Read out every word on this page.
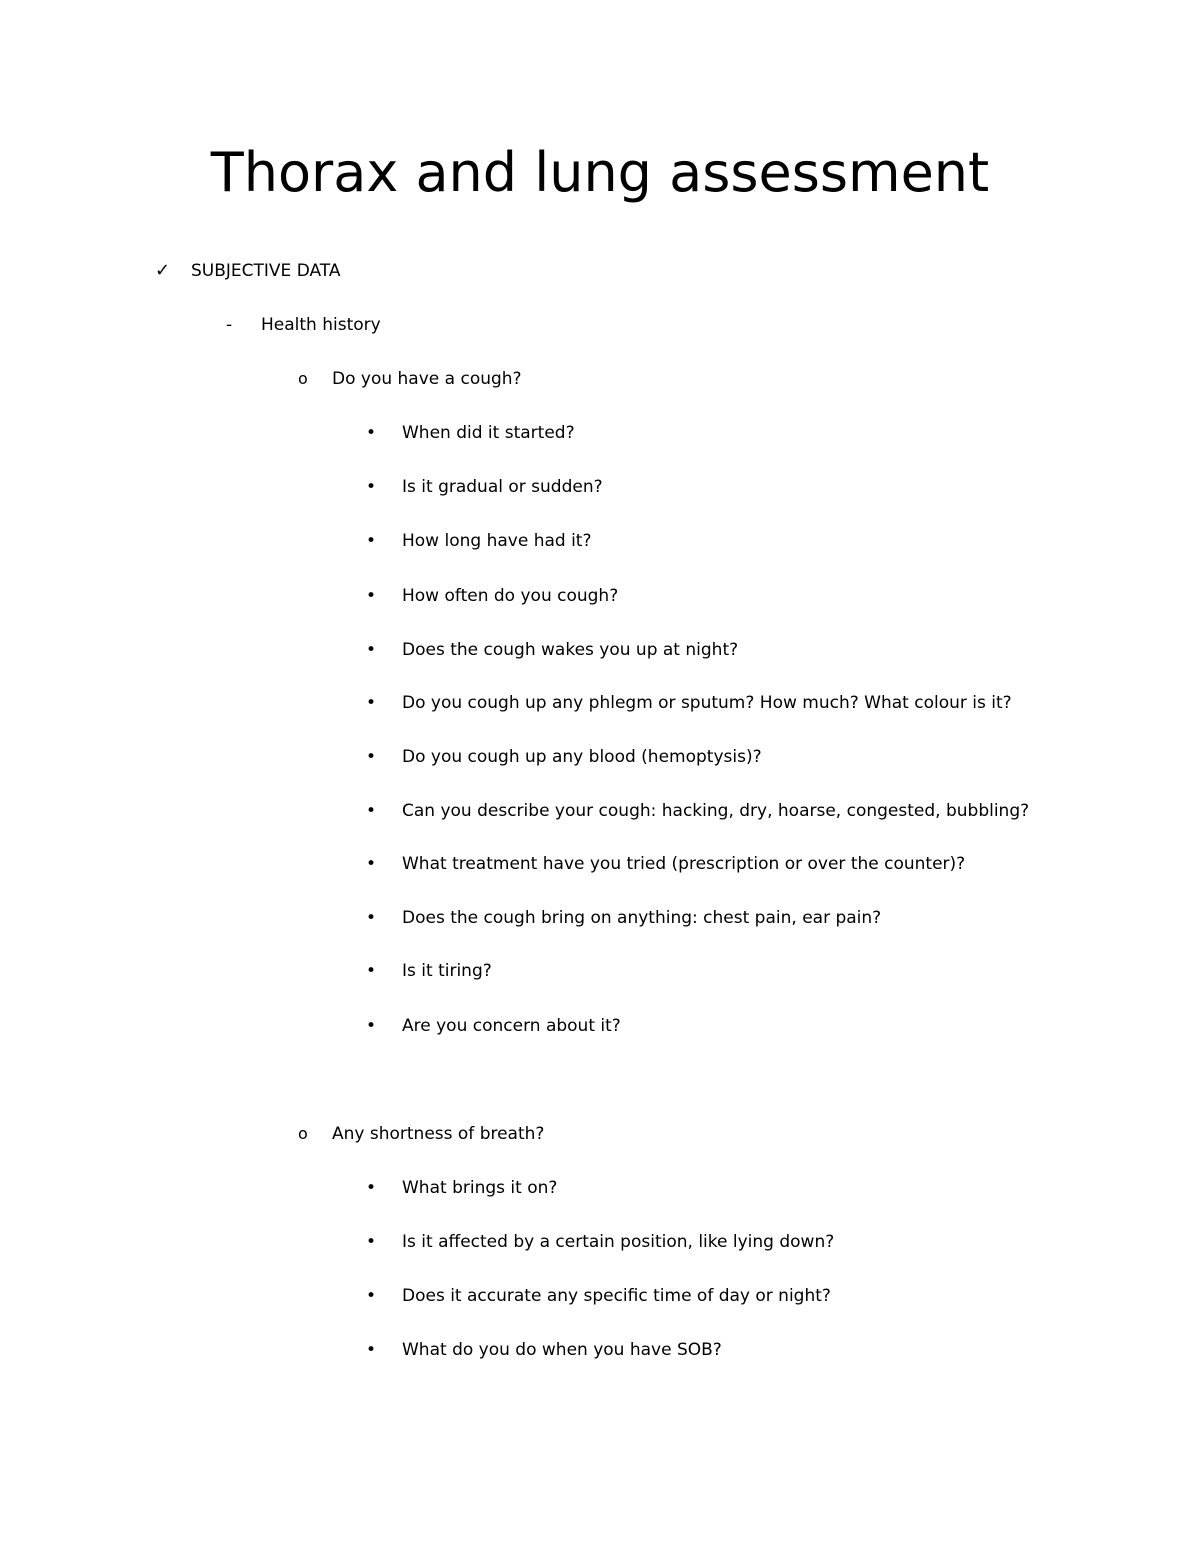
Thorax and lung assessment
✓	SUBJECTIVE DATA
-	Health history
o	Do you have a cough?
•	When did it started?
•	Is it gradual or sudden?
•	How long have had it?
•	How often do you cough?
•	Does the cough wakes you up at night?
•	Do you cough up any phlegm or sputum? How much? What colour is it?
•	Do you cough up any blood (hemoptysis)?
•	Can you describe your cough: hacking, dry, hoarse, congested, bubbling?
•	What treatment have you tried (prescription or over the counter)?
•	Does the cough bring on anything: chest pain, ear pain?
•	Is it tiring?
•	Are you concern about it?
o	Any shortness of breath?
•	What brings it on?
•	Is it affected by a certain position, like lying down?
•	Does it accurate any specific time of day or night?
•	What do you do when you have SOB?
